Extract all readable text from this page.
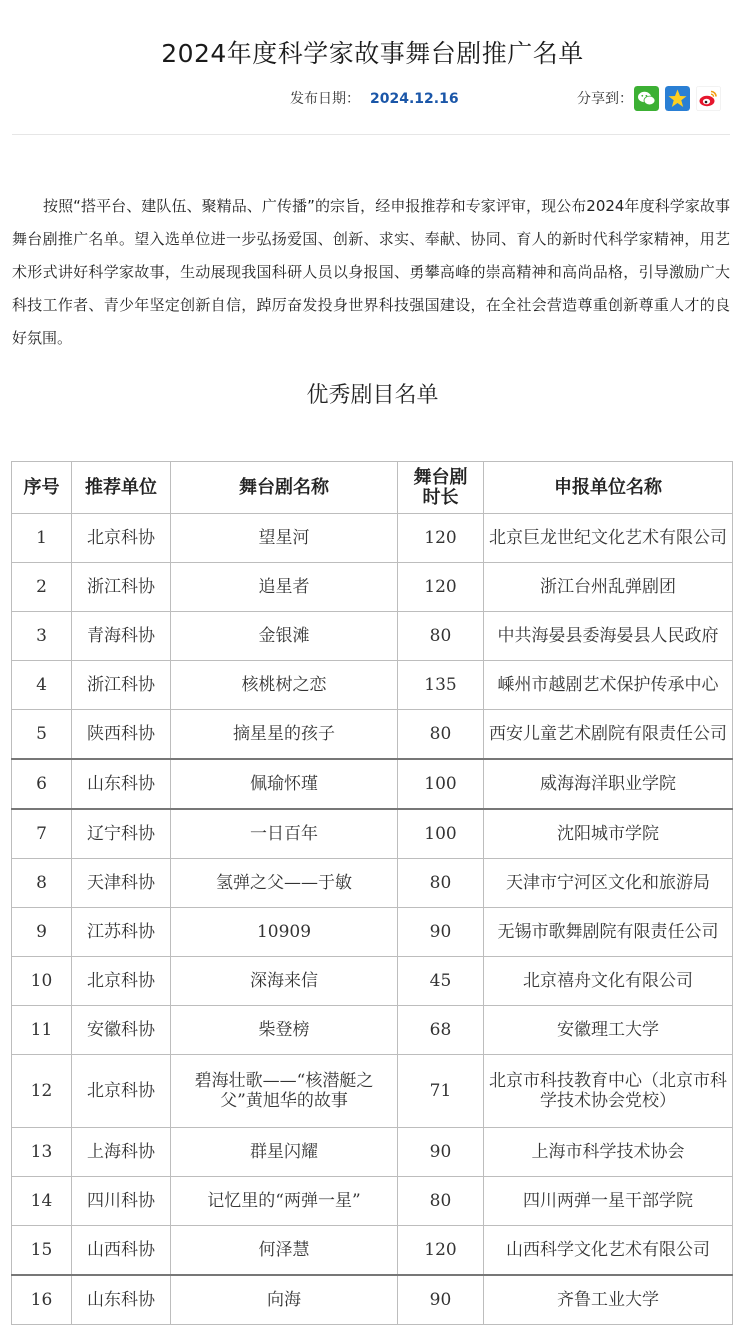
2024年度科学家故事舞台剧推广名单
发布日期： 2024.12.16	分享到：
按照“搭平台、建队伍、聚精品、广传播”的宗旨，经申报推荐和专家评审，现公布2024年度科学家故事舞台剧推广名单。望入选单位进一步弘扬爱国、创新、求实、奉献、协同、育人的新时代科学家精神，用艺术形式讲好科学家故事，生动展现我国科研人员以身报国、勇攀高峰的崇高精神和高尚品格，引导激励广大科技工作者、青少年坚定创新自信，踔厉奋发投身世界科技强国建设，在全社会营造尊重创新尊重人才的良好氛围。
优秀剧目名单
序号	推荐单位	舞台剧名称	舞台剧时长	申报单位名称
1	北京科协	望星河	120	北京巨龙世纪文化艺术有限公司
2	浙江科协	追星者	120	浙江台州乱弹剧团
3	青海科协	金银滩	80	中共海晏县委海晏县人民政府
4	浙江科协	核桃树之恋	135	嵊州市越剧艺术保护传承中心
5	陕西科协	摘星星的孩子	80	西安儿童艺术剧院有限责任公司
6	山东科协	佩瑜怀瑾	100	威海海洋职业学院
7	辽宁科协	一日百年	100	沈阳城市学院
8	天津科协	氢弹之父——于敏	80	天津市宁河区文化和旅游局
9	江苏科协	10909	90	无锡市歌舞剧院有限责任公司
10	北京科协	深海来信	45	北京禧舟文化有限公司
11	安徽科协	柴登榜	68	安徽理工大学
12	北京科协	碧海壮歌——“核潜艇之父”黄旭华的故事	71	北京市科技教育中心（北京市科学技术协会党校）
13	上海科协	群星闪耀	90	上海市科学技术协会
14	四川科协	记忆里的“两弹一星”	80	四川两弹一星干部学院
15	山西科协	何泽慧	120	山西科学文化艺术有限公司
16	山东科协	向海	90	齐鲁工业大学
